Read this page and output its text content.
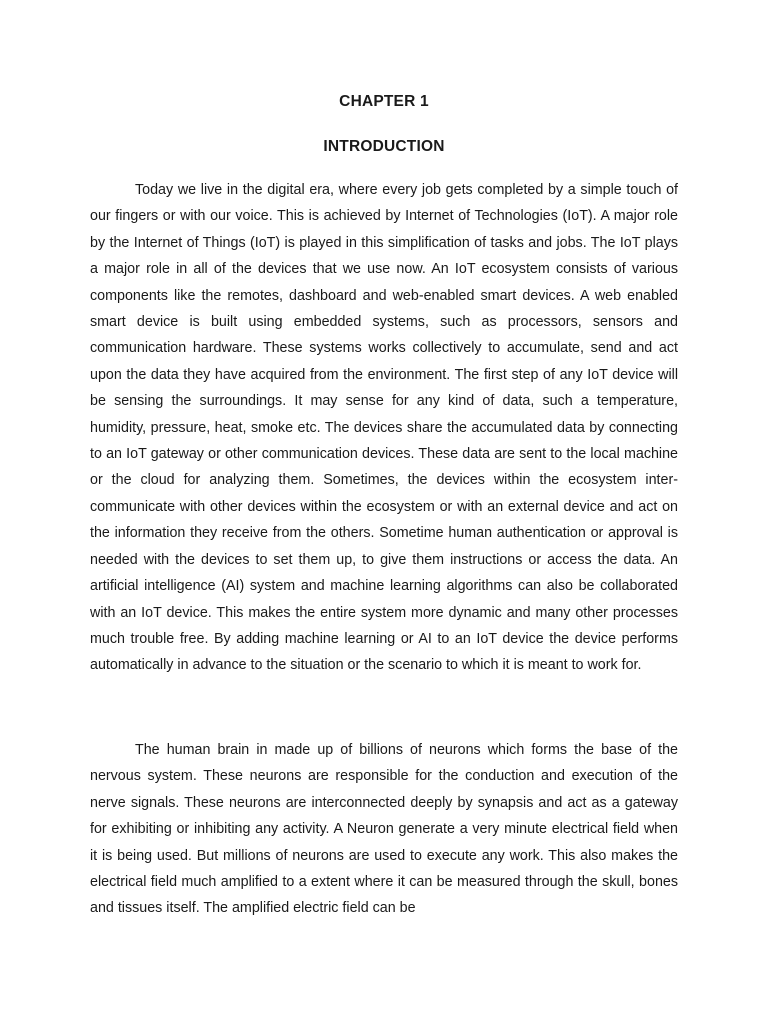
CHAPTER 1
INTRODUCTION

Today we live in the digital era, where every job gets completed by a simple touch of our fingers or with our voice. This is achieved by Internet of Technologies (IoT). A major role by the Internet of Things (IoT) is played in this simplification of tasks and jobs. The IoT plays a major role in all of the devices that we use now. An IoT ecosystem consists of various components like the remotes, dashboard and web-enabled smart devices. A web enabled smart device is built using embedded systems, such as processors, sensors and communication hardware. These systems works collectively to accumulate, send and act upon the data they have acquired from the environment. The first step of any IoT device will be sensing the surroundings. It may sense for any kind of data, such a temperature, humidity, pressure, heat, smoke etc. The devices share the accumulated data by connecting to an IoT gateway or other communication devices. These data are sent to the local machine or the cloud for analyzing them. Sometimes, the devices within the ecosystem inter-communicate with other devices within the ecosystem or with an external device and act on the information they receive from the others. Sometime human authentication or approval is needed with the devices to set them up, to give them instructions or access the data. An artificial intelligence (AI) system and machine learning algorithms can also be collaborated with an IoT device. This makes the entire system more dynamic and many other processes much trouble free. By adding machine learning or AI to an IoT device the device performs automatically in advance to the situation or the scenario to which it is meant to work for.

The human brain in made up of billions of neurons which forms the base of the nervous system. These neurons are responsible for the conduction and execution of the nerve signals. These neurons are interconnected deeply by synapsis and act as a gateway for exhibiting or inhibiting any activity. A Neuron generate a very minute electrical field when it is being used. But millions of neurons are used to execute any work. This also makes the electrical field much amplified to a extent where it can be measured through the skull, bones and tissues itself. The amplified electric field can be
